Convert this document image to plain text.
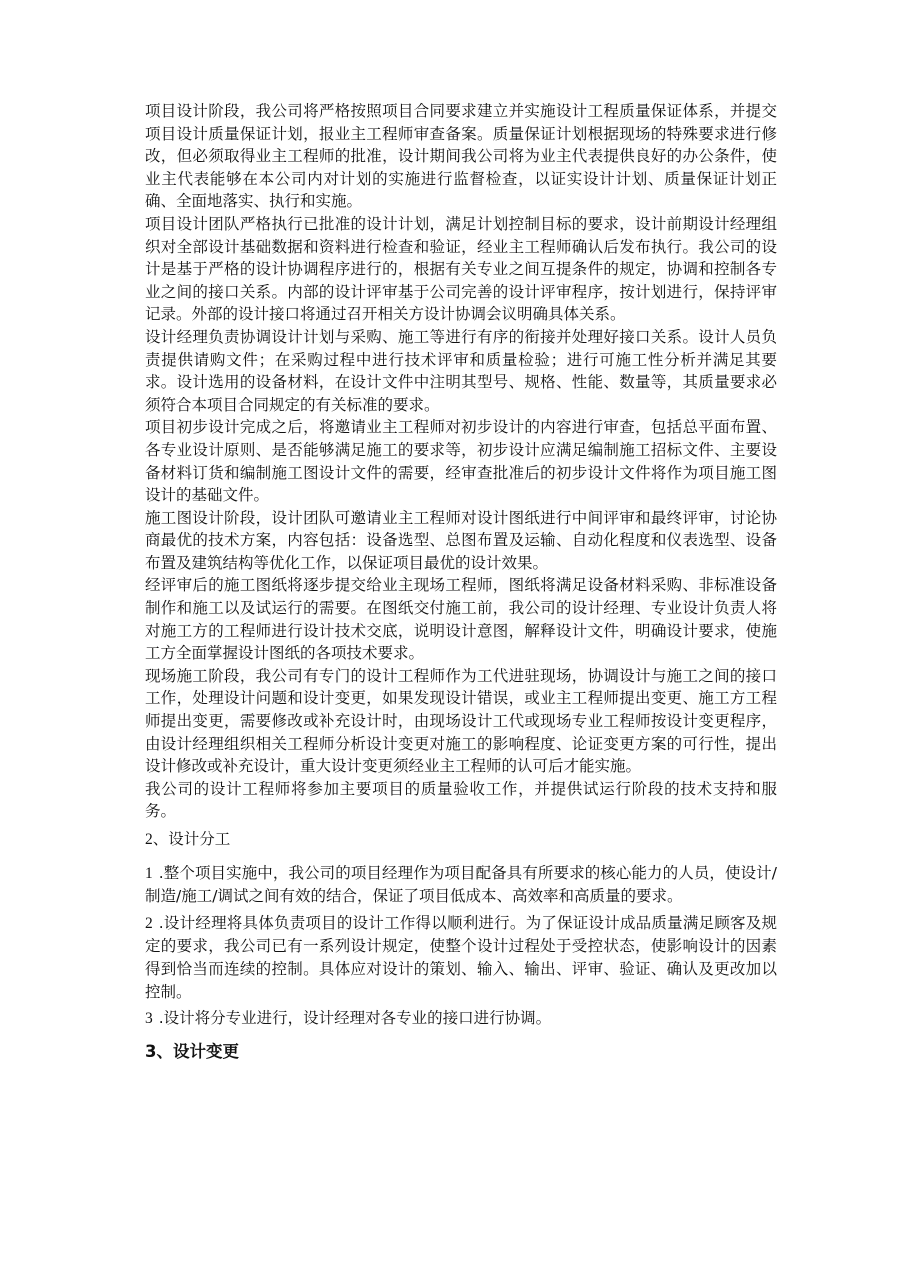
项目设计阶段，我公司将严格按照项目合同要求建立并实施设计工程质量保证体系，并提交项目设计质量保证计划，报业主工程师审查备案。质量保证计划根据现场的特殊要求进行修改，但必须取得业主工程师的批准，设计期间我公司将为业主代表提供良好的办公条件，使业主代表能够在本公司内对计划的实施进行监督检查，以证实设计计划、质量保证计划正确、全面地落实、执行和实施。

项目设计团队严格执行已批准的设计计划，满足计划控制目标的要求，设计前期设计经理组织对全部设计基础数据和资料进行检查和验证，经业主工程师确认后发布执行。我公司的设计是基于严格的设计协调程序进行的，根据有关专业之间互提条件的规定，协调和控制各专业之间的接口关系。内部的设计评审基于公司完善的设计评审程序，按计划进行，保持评审记录。外部的设计接口将通过召开相关方设计协调会议明确具体关系。

设计经理负责协调设计计划与采购、施工等进行有序的衔接并处理好接口关系。设计人员负责提供请购文件；在采购过程中进行技术评审和质量检验；进行可施工性分析并满足其要求。设计选用的设备材料，在设计文件中注明其型号、规格、性能、数量等，其质量要求必须符合本项目合同规定的有关标准的要求。

项目初步设计完成之后，将邀请业主工程师对初步设计的内容进行审查，包括总平面布置、各专业设计原则、是否能够满足施工的要求等，初步设计应满足编制施工招标文件、主要设备材料订货和编制施工图设计文件的需要，经审查批准后的初步设计文件将作为项目施工图设计的基础文件。

施工图设计阶段，设计团队可邀请业主工程师对设计图纸进行中间评审和最终评审，讨论协商最优的技术方案，内容包括：设备选型、总图布置及运输、自动化程度和仪表选型、设备布置及建筑结构等优化工作，以保证项目最优的设计效果。

经评审后的施工图纸将逐步提交给业主现场工程师，图纸将满足设备材料采购、非标准设备制作和施工以及试运行的需要。在图纸交付施工前，我公司的设计经理、专业设计负责人将对施工方的工程师进行设计技术交底，说明设计意图，解释设计文件，明确设计要求，使施工方全面掌握设计图纸的各项技术要求。

现场施工阶段，我公司有专门的设计工程师作为工代进驻现场，协调设计与施工之间的接口工作，处理设计问题和设计变更，如果发现设计错误，或业主工程师提出变更、施工方工程师提出变更，需要修改或补充设计时，由现场设计工代或现场专业工程师按设计变更程序，由设计经理组织相关工程师分析设计变更对施工的影响程度、论证变更方案的可行性，提出设计修改或补充设计，重大设计变更须经业主工程师的认可后才能实施。

我公司的设计工程师将参加主要项目的质量验收工作，并提供试运行阶段的技术支持和服务。

2、设计分工
1 .整个项目实施中，我公司的项目经理作为项目配备具有所要求的核心能力的人员，使设计/制造/施工/调试之间有效的结合，保证了项目低成本、高效率和高质量的要求。
2 .设计经理将具体负责项目的设计工作得以顺利进行。为了保证设计成品质量满足顾客及规定的要求，我公司已有一系列设计规定，使整个设计过程处于受控状态，使影响设计的因素得到恰当而连续的控制。具体应对设计的策划、输入、输出、评审、验证、确认及更改加以控制。
3 .设计将分专业进行，设计经理对各专业的接口进行协调。
3、设计变更
